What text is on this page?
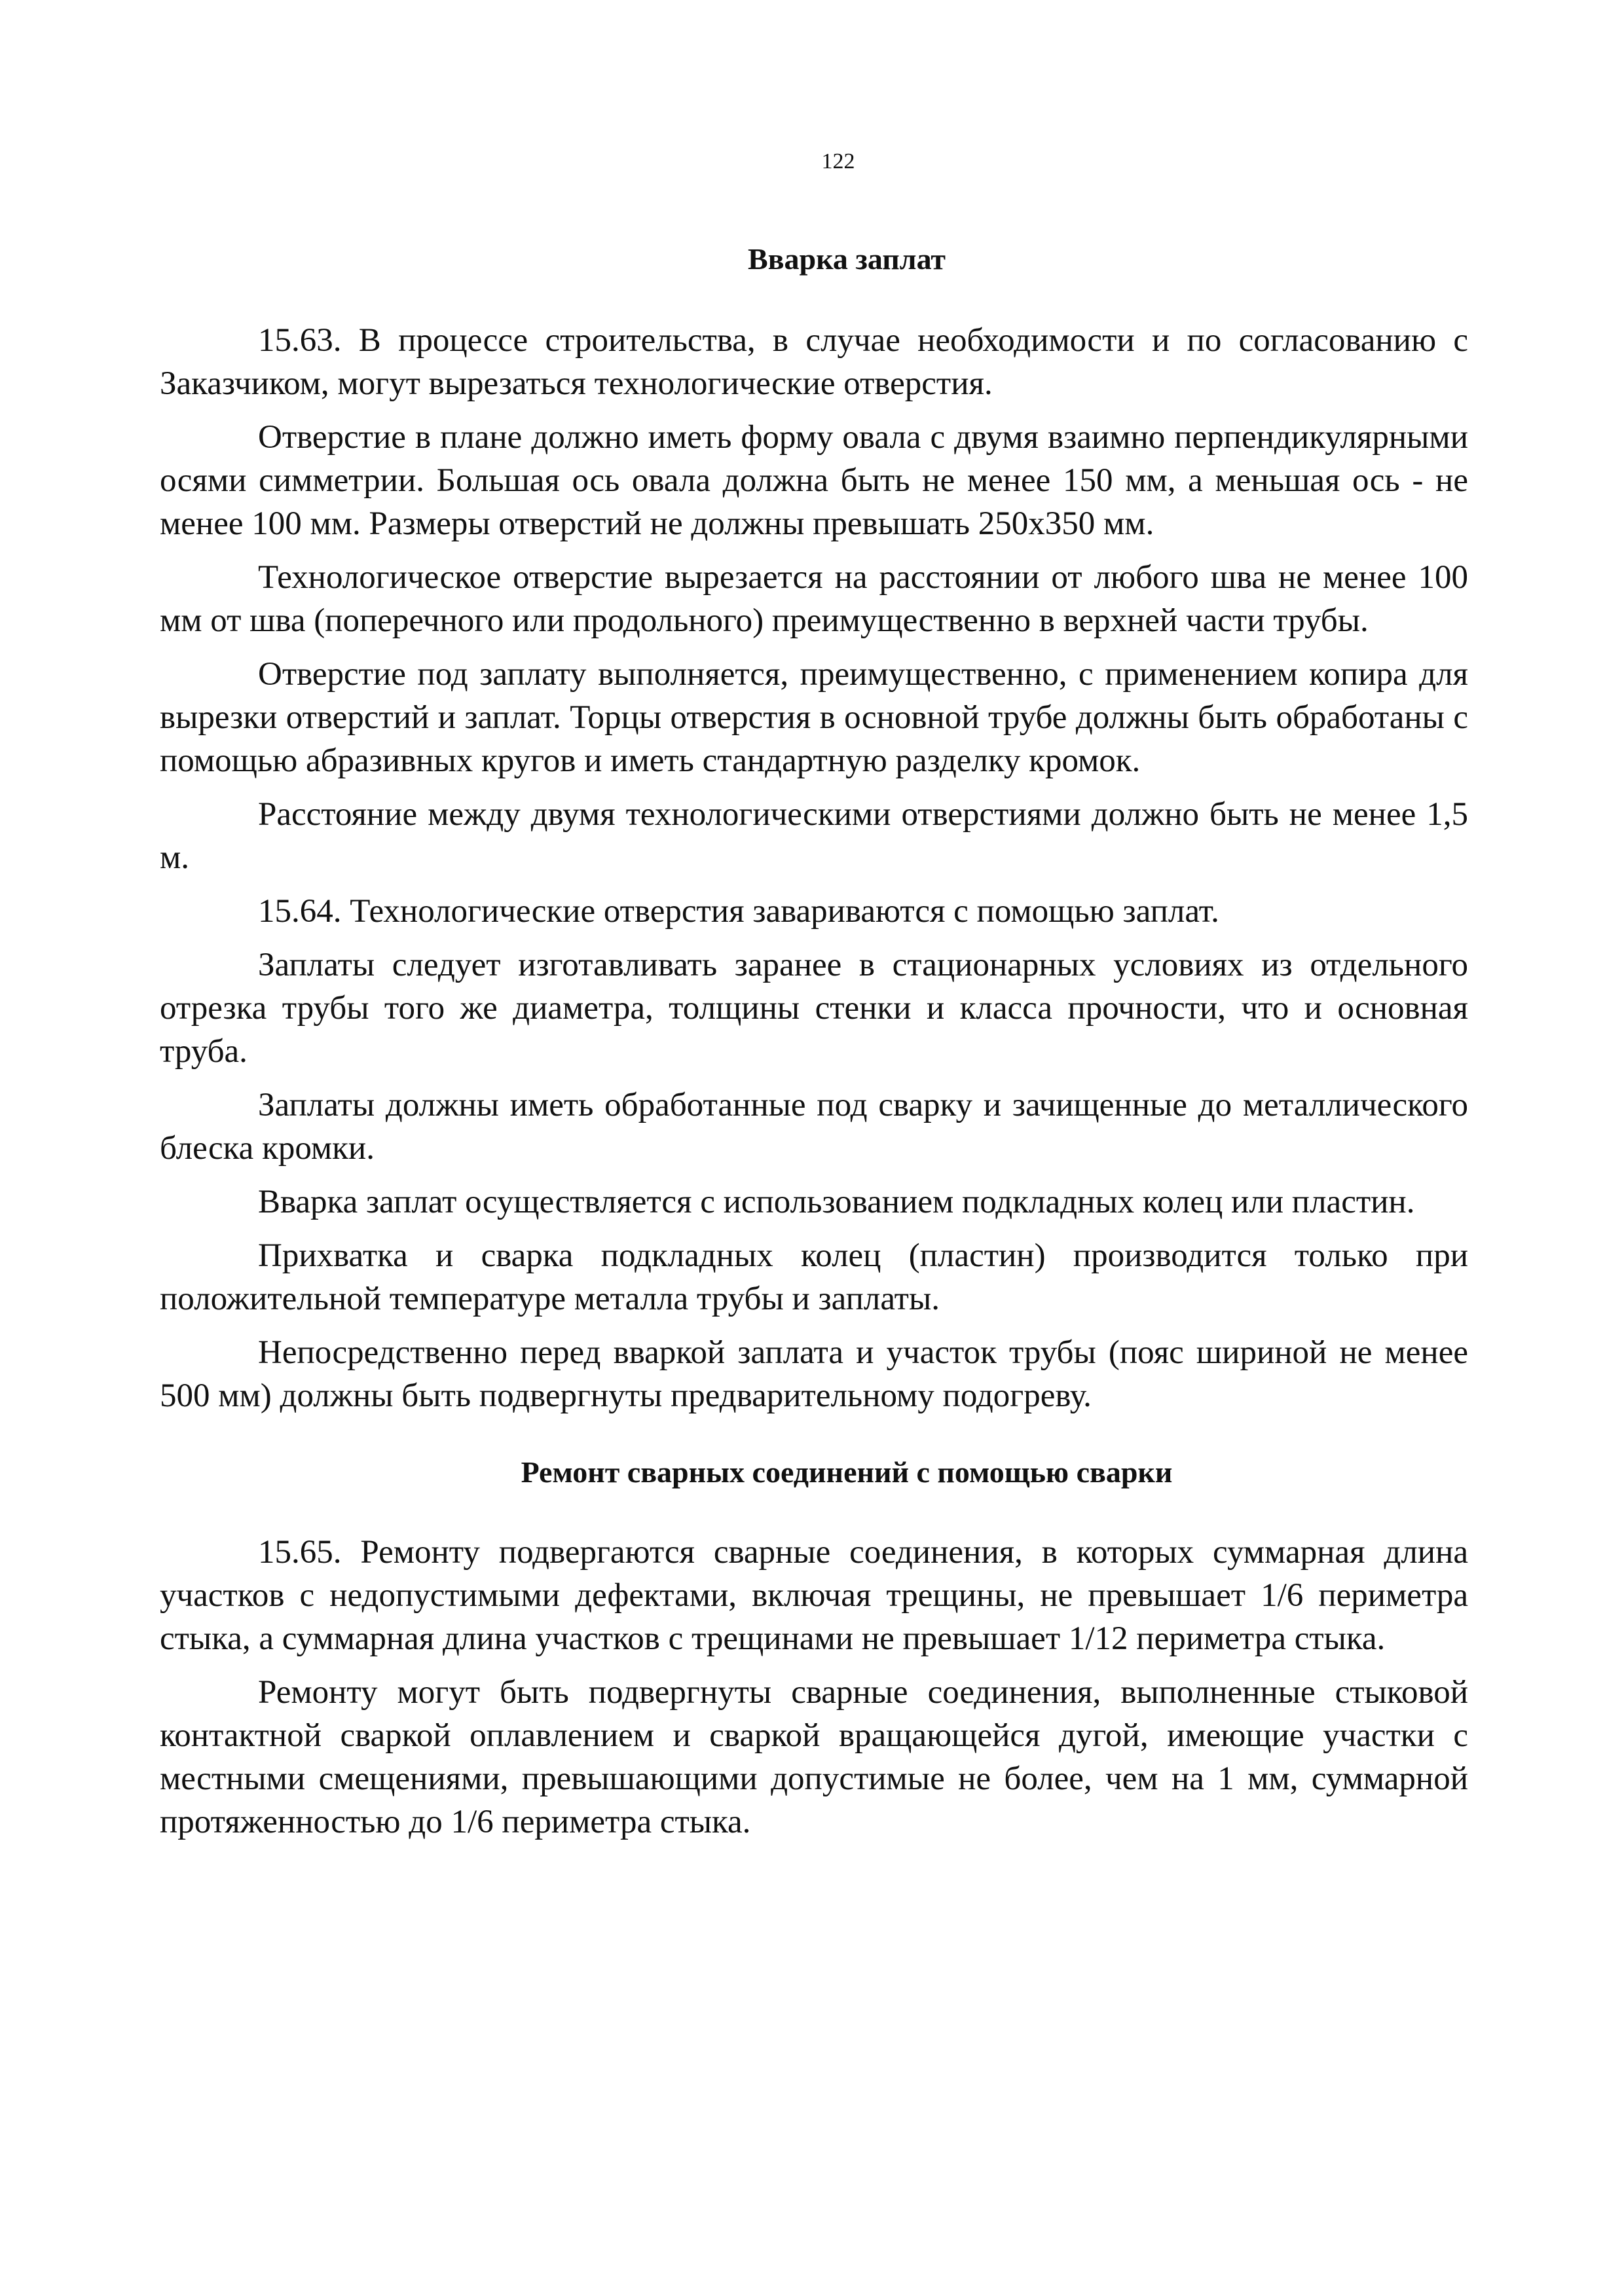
122
Вварка заплат

15.63. В процессе строительства, в случае необходимости и по согласованию с Заказчиком, могут вырезаться технологические отверстия.

Отверстие в плане должно иметь форму овала с двумя взаимно перпендикулярными осями симметрии. Большая ось овала должна быть не менее 150 мм, а меньшая ось - не менее 100 мм. Размеры отверстий не должны превышать 250х350 мм.

Технологическое отверстие вырезается на расстоянии от любого шва не менее 100 мм от шва (поперечного или продольного) преимущественно в верхней части трубы.

Отверстие под заплату выполняется, преимущественно, с применением копира для вырезки отверстий и заплат. Торцы отверстия в основной трубе должны быть обработаны с помощью абразивных кругов и иметь стандартную разделку кромок.

Расстояние между двумя технологическими отверстиями должно быть не менее 1,5 м.

15.64. Технологические отверстия завариваются с помощью заплат.

Заплаты следует изготавливать заранее в стационарных условиях из отдельного отрезка трубы того же диаметра, толщины стенки и класса прочности, что и основная труба.

Заплаты должны иметь обработанные под сварку и зачищенные до металлического блеска кромки.

Вварка заплат осуществляется с использованием подкладных колец или пластин.

Прихватка и сварка подкладных колец (пластин) производится только при положительной температуре металла трубы и заплаты.

Непосредственно перед вваркой заплата и участок трубы (пояс шириной не менее 500 мм) должны быть подвергнуты предварительному подогреву.

Ремонт сварных соединений с помощью сварки

15.65. Ремонту подвергаются сварные соединения, в которых суммарная длина участков с недопустимыми дефектами, включая трещины, не превышает 1/6 периметра стыка, а суммарная длина участков с трещинами не превышает 1/12 периметра стыка.

Ремонту могут быть подвергнуты сварные соединения, выполненные стыковой контактной сваркой оплавлением и сваркой вращающейся дугой, имеющие участки с местными смещениями, превышающими допустимые не более, чем на 1 мм, суммарной протяженностью до 1/6 периметра стыка.
